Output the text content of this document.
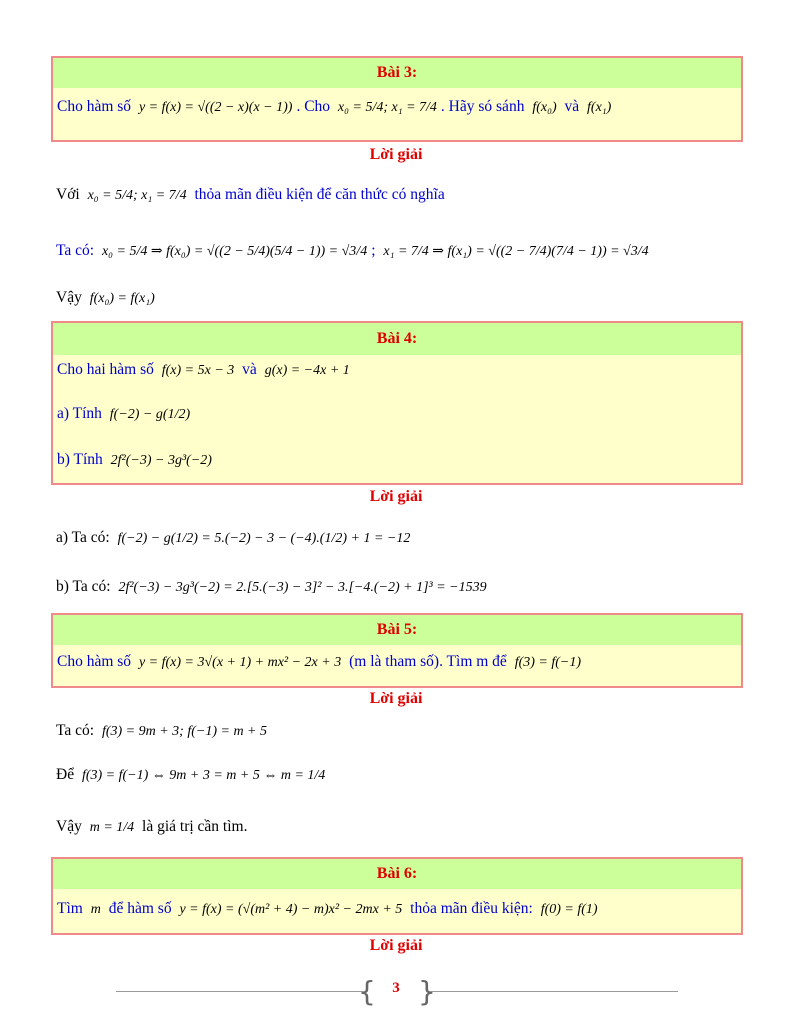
Bài 3:
Cho hàm số y = f(x) = √((2 − x)(x − 1)) . Cho x₀ = 5/4; x₁ = 7/4 . Hãy só sánh f(x₀) và f(x₁)
Lời giải
Với x₀ = 5/4; x₁ = 7/4 thỏa mãn điều kiện để căn thức có nghĩa
Ta có: x₀ = 5/4 ⇒ f(x₀) = √((2 − 5/4)(5/4 − 1)) = √3/4 ; x₁ = 7/4 ⇒ f(x₁) = √((2 − 7/4)(7/4 − 1)) = √3/4
Vậy f(x₀) = f(x₁)
Bài 4:
Cho hai hàm số f(x) = 5x − 3 và g(x) = −4x + 1
a) Tính f(−2) − g(1/2)
b) Tính 2f²(−3) − 3g³(−2)
Lời giải
a) Ta có: f(−2) − g(1/2) = 5.(−2) − 3 − (−4).(1/2) + 1 = −12
b) Ta có: 2f²(−3) − 3g³(−2) = 2.[5.(−3) − 3]² − 3.[−4.(−2) + 1]³ = −1539
Bài 5:
Cho hàm số y = f(x) = 3√(x + 1) + mx² − 2x + 3 (m là tham số). Tìm m để f(3) = f(−1)
Lời giải
Ta có: f(3) = 9m + 3; f(−1) = m + 5
Để f(3) = f(−1) ⇔ 9m + 3 = m + 5 ⇔ m = 1/4
Vậy m = 1/4 là giá trị cần tìm.
Bài 6:
Tìm m để hàm số y = f(x) = (√(m² + 4) − m)x² − 2mx + 5 thỏa mãn điều kiện: f(0) = f(1)
Lời giải
{ }
3
